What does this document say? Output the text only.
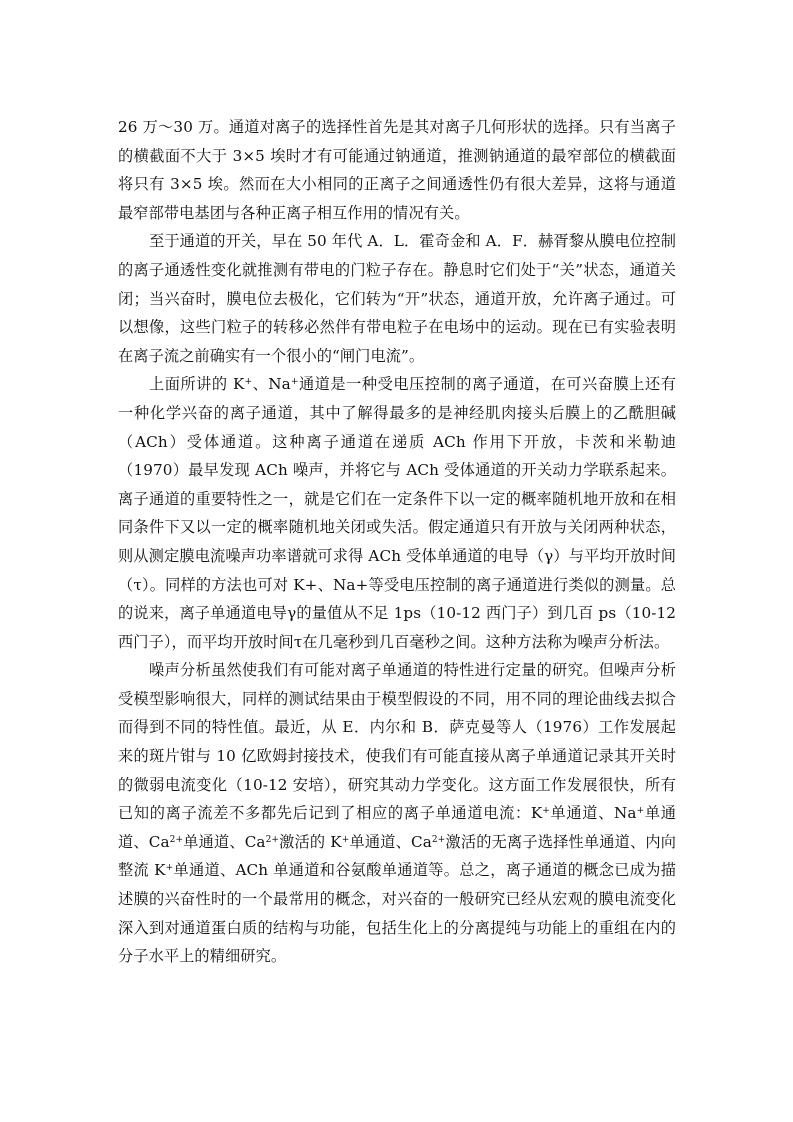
26 万～30 万。通道对离子的选择性首先是其对离子几何形状的选择。只有当离子的横截面不大于 3×5 埃时才有可能通过钠通道，推测钠通道的最窄部位的横截面将只有 3×5 埃。然而在大小相同的正离子之间通透性仍有很大差异，这将与通道最窄部带电基团与各种正离子相互作用的情况有关。

至于通道的开关，早在 50 年代 A．L．霍奇金和 A．F．赫胥黎从膜电位控制的离子通透性变化就推测有带电的门粒子存在。静息时它们处于“关”状态，通道关闭；当兴奋时，膜电位去极化，它们转为“开”状态，通道开放，允许离子通过。可以想像，这些门粒子的转移必然伴有带电粒子在电场中的运动。现在已有实验表明在离子流之前确实有一个很小的“闸门电流”。

上面所讲的 K+、Na+通道是一种受电压控制的离子通道，在可兴奋膜上还有一种化学兴奋的离子通道，其中了解得最多的是神经肌肉接头后膜上的乙酰胆碱（ACh）受体通道。这种离子通道在递质 ACh 作用下开放，卡茨和米勒迪（1970）最早发现 ACh 噪声，并将它与 ACh 受体通道的开关动力学联系起来。离子通道的重要特性之一，就是它们在一定条件下以一定的概率随机地开放和在相同条件下又以一定的概率随机地关闭或失活。假定通道只有开放与关闭两种状态，则从测定膜电流噪声功率谱就可求得 ACh 受体单通道的电导（γ）与平均开放时间（τ）。同样的方法也可对 K+、Na+等受电压控制的离子通道进行类似的测量。总的说来，离子单通道电导γ的量值从不足 1ps（10-12 西门子）到几百 ps（10-12 西门子），而平均开放时间τ在几毫秒到几百毫秒之间。这种方法称为噪声分析法。

噪声分析虽然使我们有可能对离子单通道的特性进行定量的研究。但噪声分析受模型影响很大，同样的测试结果由于模型假设的不同，用不同的理论曲线去拟合而得到不同的特性值。最近，从 E．内尔和 B．萨克曼等人（1976）工作发展起来的斑片钳与 10 亿欧姆封接技术，使我们有可能直接从离子单通道记录其开关时的微弱电流变化（10-12 安培），研究其动力学变化。这方面工作发展很快，所有已知的离子流差不多都先后记到了相应的离子单通道电流：K+单通道、Na+单通道、$Ca^{2+}$单通道、$Ca^{2+}$激活的 K+单通道、$Ca^{2+}$激活的无离子选择性单通道、内向整流 K+单通道、ACh 单通道和谷氨酸单通道等。总之，离子通道的概念已成为描述膜的兴奋性时的一个最常用的概念，对兴奋的一般研究已经从宏观的膜电流变化深入到对通道蛋白质的结构与功能，包括生化上的分离提纯与功能上的重组在内的分子水平上的精细研究。
